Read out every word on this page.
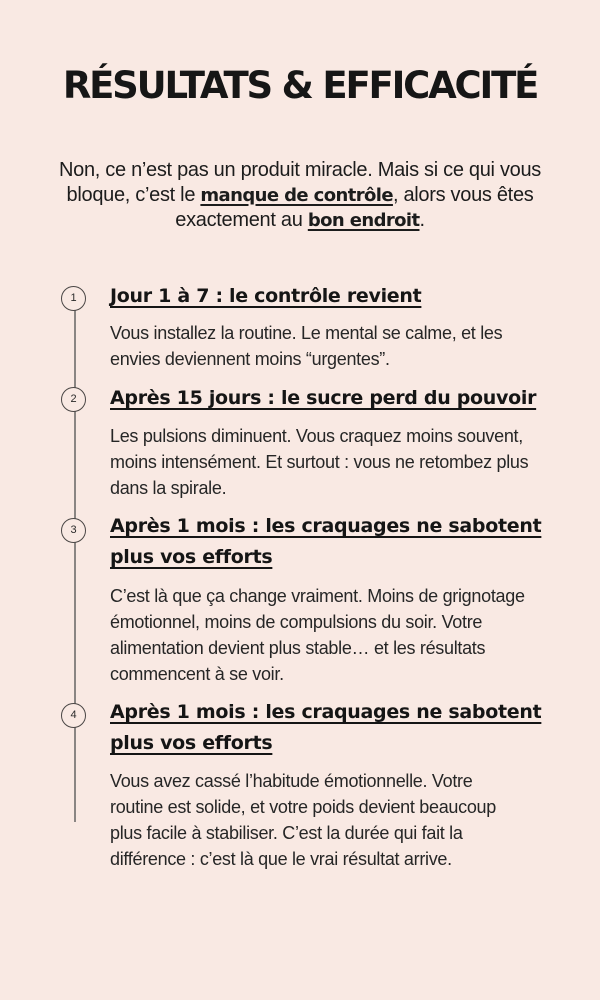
RÉSULTATS & EFFICACITÉ

Non, ce n’est pas un produit miracle. Mais si ce qui vous bloque, c’est le manque de contrôle, alors vous êtes exactement au bon endroit.

1	Jour 1 à 7 : le contrôle revient

Vous installez la routine. Le mental se calme, et les envies deviennent moins “urgentes”.

2	Après 15 jours : le sucre perd du pouvoir

Les pulsions diminuent. Vous craquez moins souvent, moins intensément. Et surtout : vous ne retombez plus dans la spirale.

3	Après 1 mois : les craquages ne sabotent plus vos efforts

C’est là que ça change vraiment. Moins de grignotage émotionnel, moins de compulsions du soir. Votre alimentation devient plus stable… et les résultats commencent à se voir.

4	Après 1 mois : les craquages ne sabotent plus vos efforts

Vous avez cassé l’habitude émotionnelle. Votre routine est solide, et votre poids devient beaucoup plus facile à stabiliser. C’est la durée qui fait la différence : c’est là que le vrai résultat arrive.
